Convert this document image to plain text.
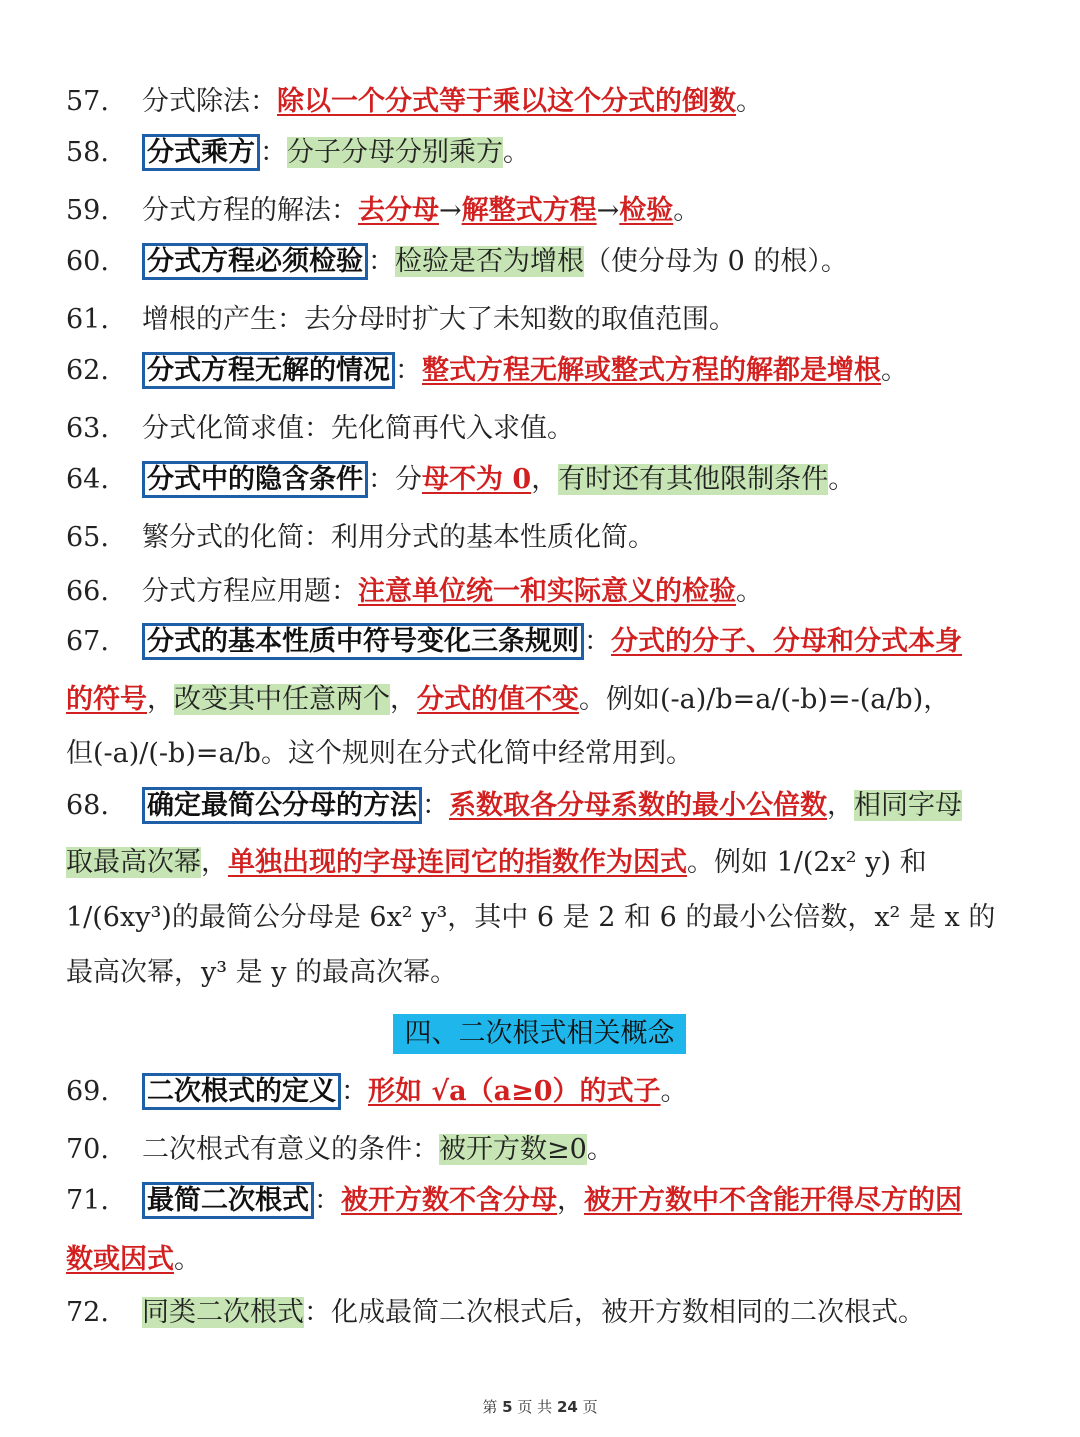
57. 分式除法：除以一个分式等于乘以这个分式的倒数。
58. 分式乘方 ：分子分母分别乘方。
59. 分式方程的解法：去分母→解整式方程→检验。
60. 分式方程必须检验 ：检验是否为增根（使分母为 0 的根）。
61. 增根的产生：去分母时扩大了未知数的取值范围。
62. 分式方程无解的情况 ：整式方程无解或整式方程的解都是增根。
63. 分式化简求值：先化简再代入求值。
64. 分式中的隐含条件 ：分母不为 0，有时还有其他限制条件。
65. 繁分式的化简：利用分式的基本性质化简。
66. 分式方程应用题：注意单位统一和实际意义的检验。
67. 分式的基本性质中符号变化三条规则 ：分式的分子、分母和分式本身
的符号，改变其中任意两个，分式的值不变。例如(-a)/b=a/(-b)=-(a/b)，
但(-a)/(-b)=a/b。这个规则在分式化简中经常用到。
68. 确定最简公分母的方法 ：系数取各分母系数的最小公倍数，相同字母
取最高次幂，单独出现的字母连同它的指数作为因式。例如 1/(2x² y) 和
1/(6xy³)的最简公分母是 6x² y³，其中 6 是 2 和 6 的最小公倍数，x² 是 x 的
最高次幂，y³ 是 y 的最高次幂。
四、二次根式相关概念
69. 二次根式的定义 ：形如 √a（a≥0）的式子。
70. 二次根式有意义的条件：被开方数≥0。
71. 最简二次根式 ：被开方数不含分母，被开方数中不含能开得尽方的因
数或因式。
72. 同类二次根式：化成最简二次根式后，被开方数相同的二次根式。
第 5 页 共 24 页
